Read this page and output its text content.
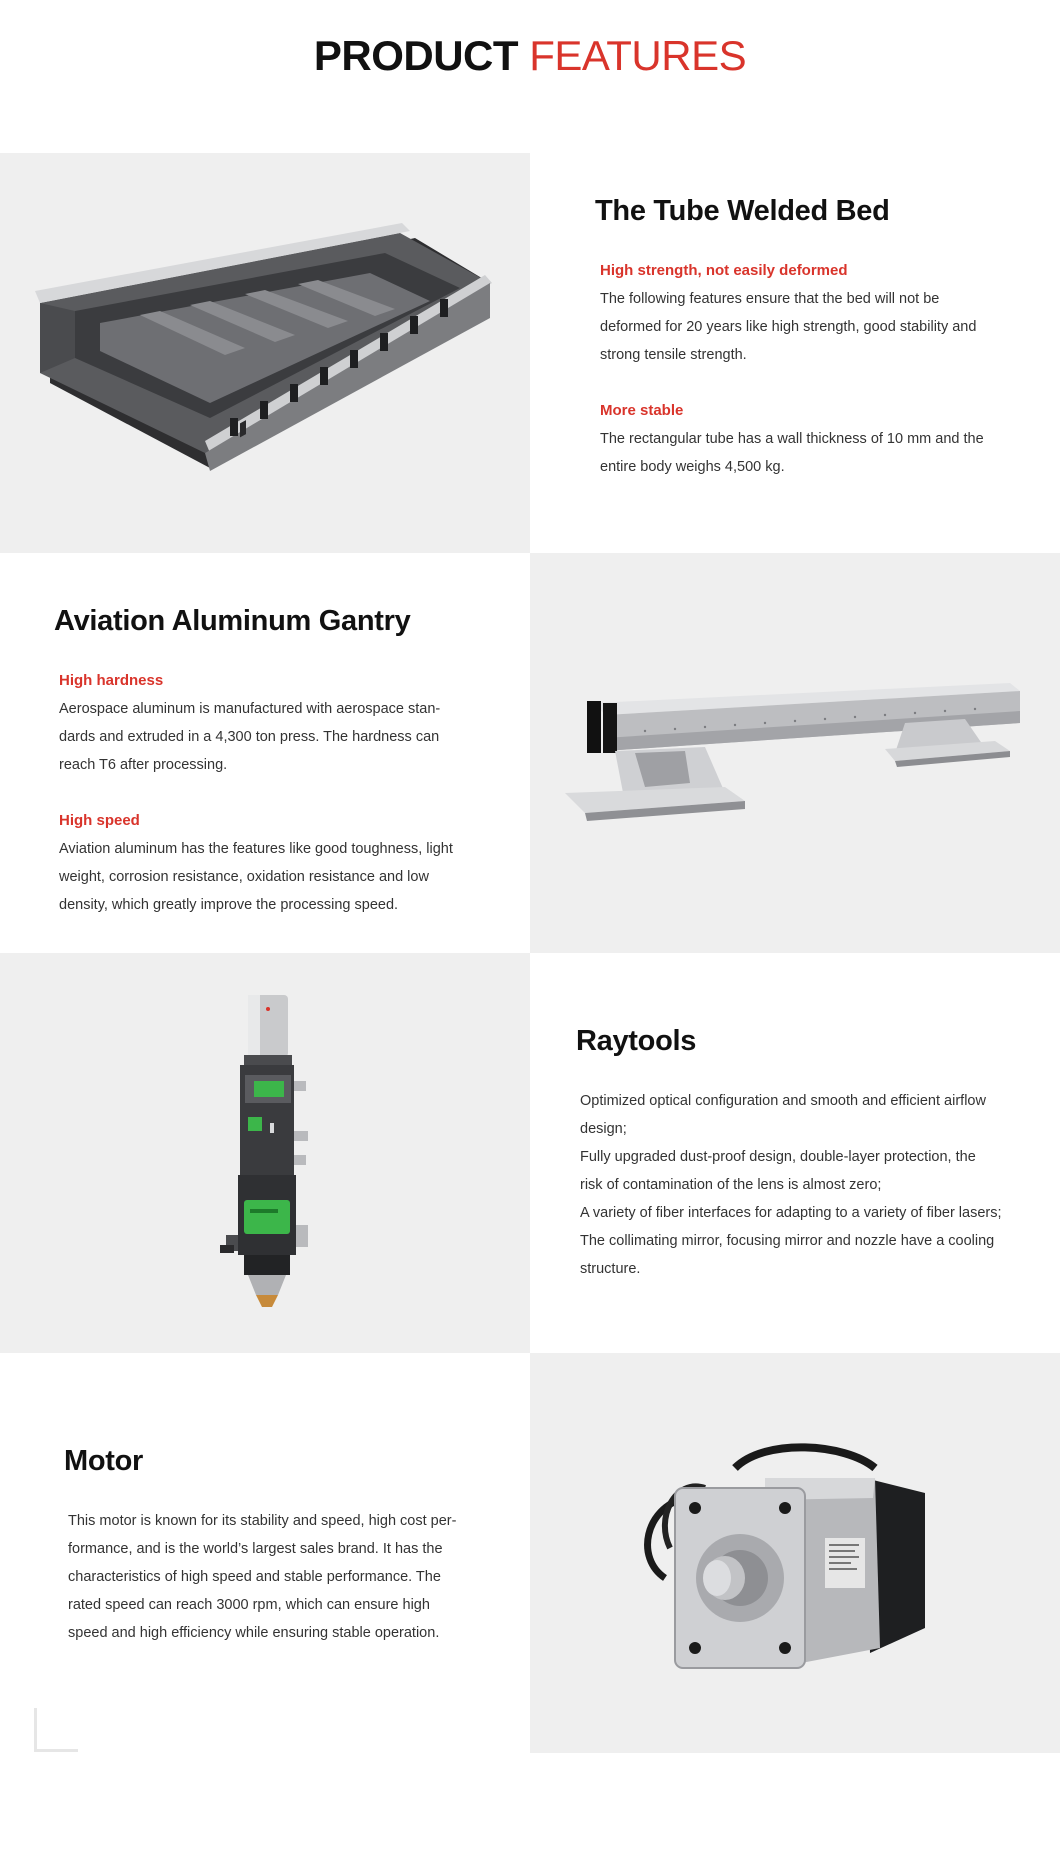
PRODUCT FEATURES
The Tube Welded Bed
High strength, not easily deformed
The following features ensure that the bed will not be
deformed for 20 years like high strength, good stability and
strong tensile strength.
More stable
The rectangular tube has a wall thickness of 10 mm and the
entire body weighs 4,500 kg.
Aviation Aluminum Gantry
High hardness
Aerospace aluminum is manufactured with aerospace stan-
dards and extruded in a 4,300 ton press. The hardness can
reach T6 after processing.
High speed
Aviation aluminum has the features like good toughness, light
weight, corrosion resistance, oxidation resistance and low
density, which greatly improve the processing speed.
Raytools
Optimized optical configuration and smooth and efficient airflow
design;
Fully upgraded dust-proof design, double-layer protection, the
risk of contamination of the lens is almost zero;
A variety of fiber interfaces for adapting to a variety of fiber lasers;
The collimating mirror, focusing mirror and nozzle have a cooling
structure.
Motor
This motor is known for its stability and speed, high cost per-
formance, and is the world’s largest sales brand. It has the
characteristics of high speed and stable performance. The
rated speed can reach 3000 rpm, which can ensure high
speed and high efficiency while ensuring stable operation.
